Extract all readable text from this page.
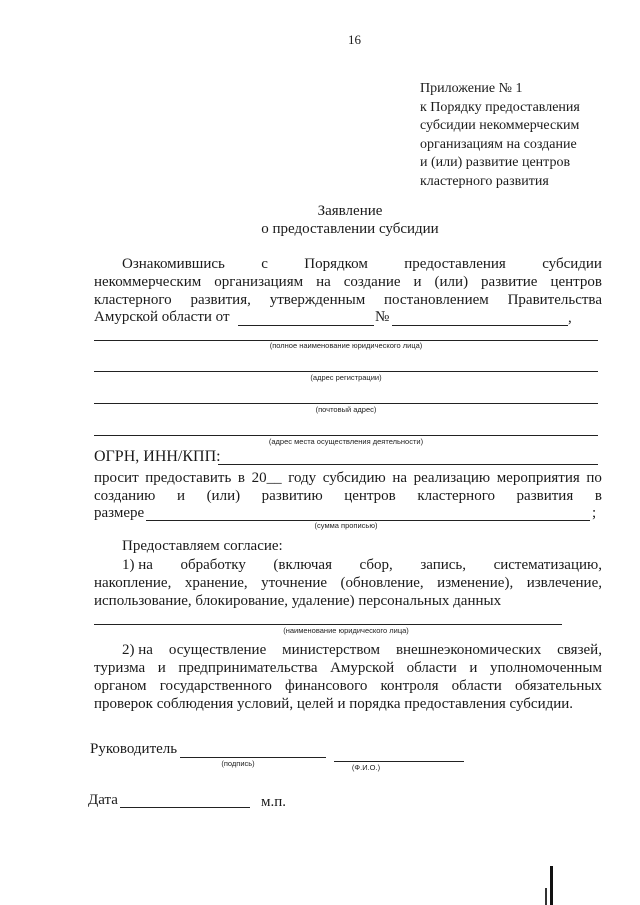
16
Приложение № 1
к Порядку предоставления
субсидии некоммерческим
организациям на создание
и (или) развитие центров
кластерного развития
Заявление
о предоставлении субсидии
Ознакомившись с Порядком предоставления субсидии
некоммерческим организациям на создание и (или) развитие центров
кластерного развития, утвержденным постановлением Правительства
Амурской области от	№	,
(полное наименование юридического лица)
(адрес регистрации)
(почтовый адрес)
(адрес места осуществления деятельности)
ОГРН, ИНН/КПП:
просит предоставить в 20__ году субсидию на реализацию мероприятия по
созданию и (или) развитию центров кластерного развития в
размере	;
(сумма прописью)
Предоставляем согласие:
1) на обработку (включая сбор, запись, систематизацию,
накопление, хранение, уточнение (обновление, изменение), извлечение,
использование, блокирование, удаление) персональных данных
(наименование юридического лица)
2) на осуществление министерством внешнеэкономических связей,
туризма и предпринимательства Амурской области и уполномоченным
органом государственного финансового контроля области обязательных
проверок соблюдения условий, целей и порядка предоставления субсидии.
Руководитель
(подпись)	(Ф.И.О.)
Дата	м.п.
